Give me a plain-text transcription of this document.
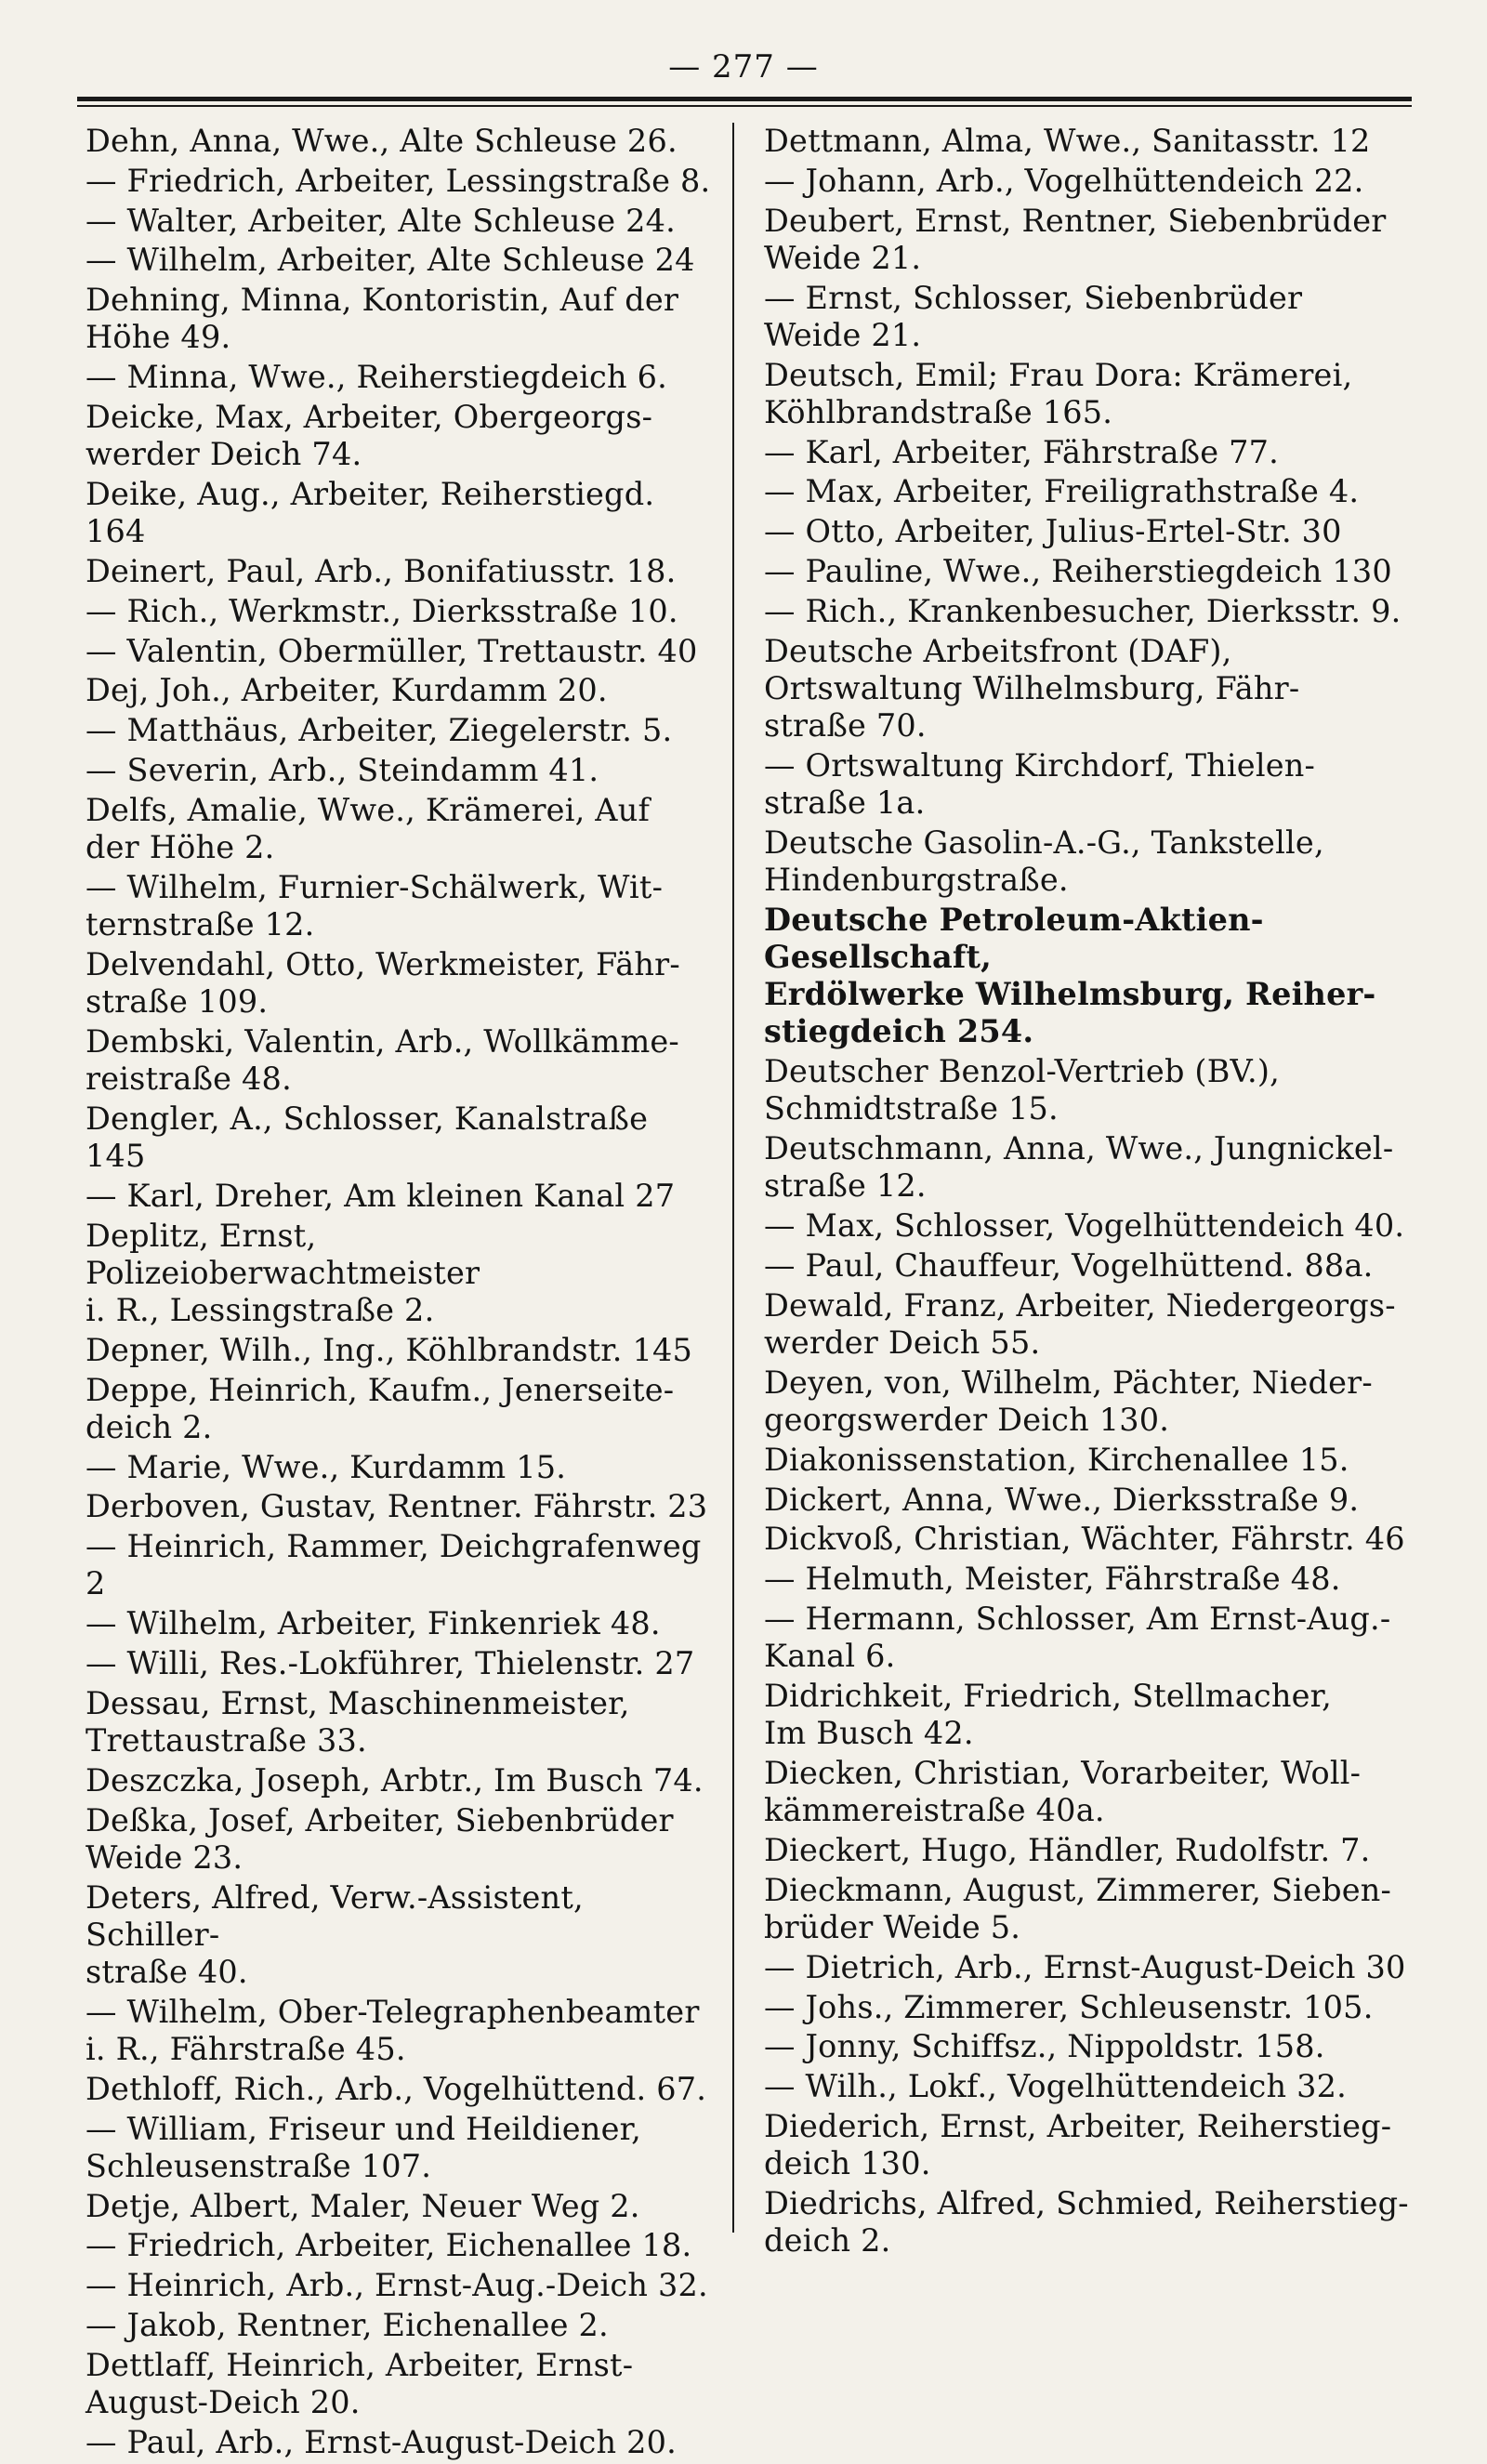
— 277 —
Dehn, Anna, Wwe., Alte Schleuse 26.
— Friedrich, Arbeiter, Lessingstraße 8.
— Walter, Arbeiter, Alte Schleuse 24.
— Wilhelm, Arbeiter, Alte Schleuse 24
Dehning, Minna, Kontoristin, Auf der
Höhe 49.
— Minna, Wwe., Reiherstiegdeich 6.
Deicke, Max, Arbeiter, Obergeorgs-
werder Deich 74.
Deike, Aug., Arbeiter, Reiherstiegd. 164
Deinert, Paul, Arb., Bonifatiusstr. 18.
— Rich., Werkmstr., Dierksstraße 10.
— Valentin, Obermüller, Trettaustr. 40
Dej, Joh., Arbeiter, Kurdamm 20.
— Matthäus, Arbeiter, Ziegelerstr. 5.
— Severin, Arb., Steindamm 41.
Delfs, Amalie, Wwe., Krämerei, Auf
der Höhe 2.
— Wilhelm, Furnier-Schälwerk, Wit-
ternstraße 12.
Delvendahl, Otto, Werkmeister, Fähr-
straße 109.
Dembski, Valentin, Arb., Wollkämme-
reistraße 48.
Dengler, A., Schlosser, Kanalstraße 145
— Karl, Dreher, Am kleinen Kanal 27
Deplitz, Ernst, Polizeioberwachtmeister
i. R., Lessingstraße 2.
Depner, Wilh., Ing., Köhlbrandstr. 145
Deppe, Heinrich, Kaufm., Jenerseite-
deich 2.
— Marie, Wwe., Kurdamm 15.
Derboven, Gustav, Rentner. Fährstr. 23
— Heinrich, Rammer, Deichgrafenweg 2
— Wilhelm, Arbeiter, Finkenriek 48.
— Willi, Res.-Lokführer, Thielenstr. 27
Dessau, Ernst, Maschinenmeister,
Trettaustraße 33.
Deszczka, Joseph, Arbtr., Im Busch 74.
Deßka, Josef, Arbeiter, Siebenbrüder
Weide 23.
Deters, Alfred, Verw.-Assistent, Schiller-
straße 40.
— Wilhelm, Ober-Telegraphenbeamter
i. R., Fährstraße 45.
Dethloff, Rich., Arb., Vogelhüttend. 67.
— William, Friseur und Heildiener,
Schleusenstraße 107.
Detje, Albert, Maler, Neuer Weg 2.
— Friedrich, Arbeiter, Eichenallee 18.
— Heinrich, Arb., Ernst-Aug.-Deich 32.
— Jakob, Rentner, Eichenallee 2.
Dettlaff, Heinrich, Arbeiter, Ernst-
August-Deich 20.
— Paul, Arb., Ernst-August-Deich 20.
Dettmann, Alma, Wwe., Sanitasstr. 12
— Johann, Arb., Vogelhüttendeich 22.
Deubert, Ernst, Rentner, Siebenbrüder
Weide 21.
— Ernst, Schlosser, Siebenbrüder
Weide 21.
Deutsch, Emil; Frau Dora: Krämerei,
Köhlbrandstraße 165.
— Karl, Arbeiter, Fährstraße 77.
— Max, Arbeiter, Freiligrathstraße 4.
— Otto, Arbeiter, Julius-Ertel-Str. 30
— Pauline, Wwe., Reiherstiegdeich 130
— Rich., Krankenbesucher, Dierksstr. 9.
Deutsche Arbeitsfront (DAF),
Ortswaltung Wilhelmsburg, Fähr-
straße 70.
— Ortswaltung Kirchdorf, Thielen-
straße 1a.
Deutsche Gasolin-A.-G., Tankstelle,
Hindenburgstraße.
Deutsche Petroleum-Aktien-Gesellschaft,
Erdölwerke Wilhelmsburg, Reiher-
stiegdeich 254.
Deutscher Benzol-Vertrieb (BV.),
Schmidtstraße 15.
Deutschmann, Anna, Wwe., Jungnickel-
straße 12.
— Max, Schlosser, Vogelhüttendeich 40.
— Paul, Chauffeur, Vogelhüttend. 88a.
Dewald, Franz, Arbeiter, Niedergeorgs-
werder Deich 55.
Deyen, von, Wilhelm, Pächter, Nieder-
georgswerder Deich 130.
Diakonissenstation, Kirchenallee 15.
Dickert, Anna, Wwe., Dierksstraße 9.
Dickvoß, Christian, Wächter, Fährstr. 46
— Helmuth, Meister, Fährstraße 48.
— Hermann, Schlosser, Am Ernst-Aug.-
Kanal 6.
Didrichkeit, Friedrich, Stellmacher,
Im Busch 42.
Diecken, Christian, Vorarbeiter, Woll-
kämmereistraße 40a.
Dieckert, Hugo, Händler, Rudolfstr. 7.
Dieckmann, August, Zimmerer, Sieben-
brüder Weide 5.
— Dietrich, Arb., Ernst-August-Deich 30
— Johs., Zimmerer, Schleusenstr. 105.
— Jonny, Schiffsz., Nippoldstr. 158.
— Wilh., Lokf., Vogelhüttendeich 32.
Diederich, Ernst, Arbeiter, Reiherstieg-
deich 130.
Diedrichs, Alfred, Schmied, Reiherstieg-
deich 2.
